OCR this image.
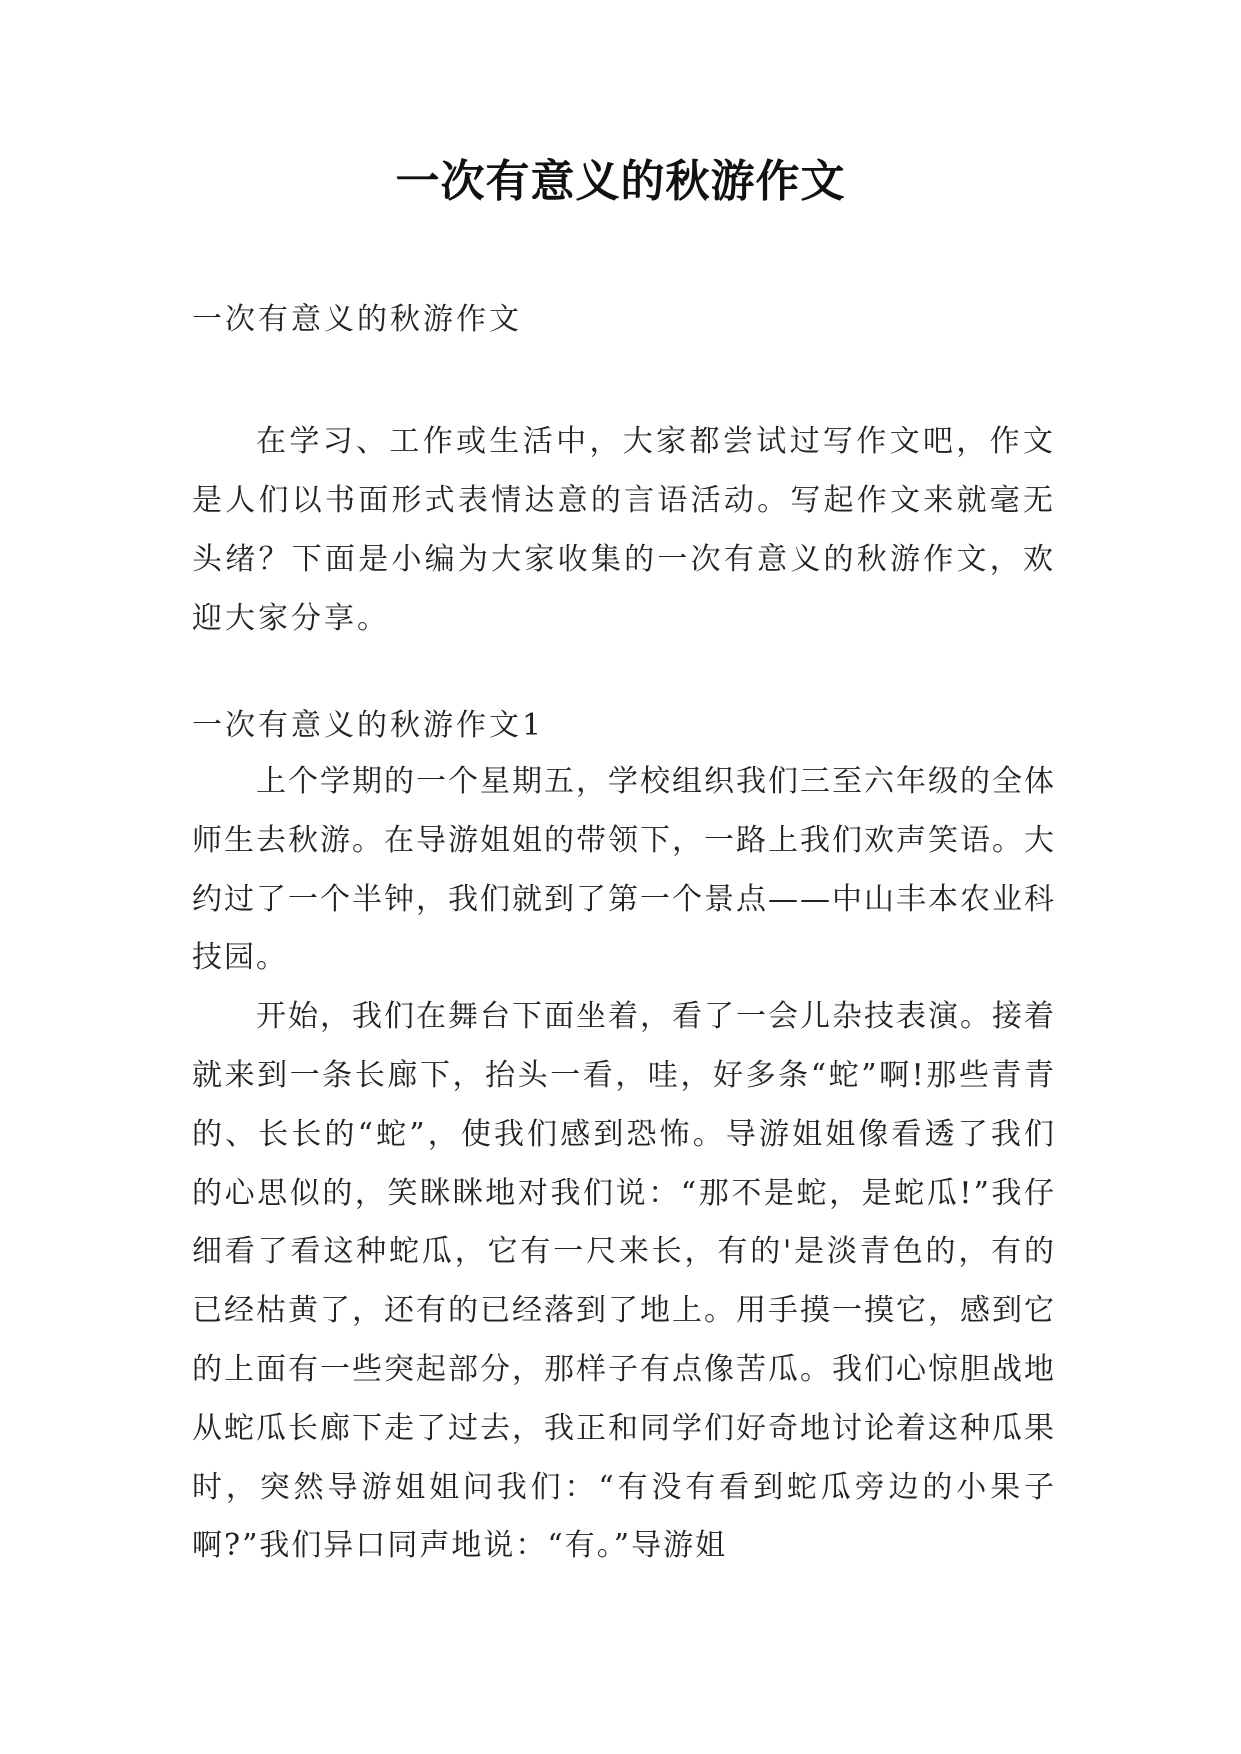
一次有意义的秋游作文
一次有意义的秋游作文
在学习、工作或生活中，大家都尝试过写作文吧，作文是人们以书面形式表情达意的言语活动。写起作文来就毫无头绪？下面是小编为大家收集的一次有意义的秋游作文，欢迎大家分享。
一次有意义的秋游作文1

上个学期的一个星期五，学校组织我们三至六年级的全体师生去秋游。在导游姐姐的带领下，一路上我们欢声笑语。大约过了一个半钟，我们就到了第一个景点——中山丰本农业科技园。

开始，我们在舞台下面坐着，看了一会儿杂技表演。接着就来到一条长廊下，抬头一看，哇，好多条“蛇”啊!那些青青的、长长的“蛇”，使我们感到恐怖。导游姐姐像看透了我们的心思似的，笑眯眯地对我们说：“那不是蛇，是蛇瓜!”我仔细看了看这种蛇瓜，它有一尺来长，有的'是淡青色的，有的已经枯黄了，还有的已经落到了地上。用手摸一摸它，感到它的上面有一些突起部分，那样子有点像苦瓜。我们心惊胆战地从蛇瓜长廊下走了过去，我正和同学们好奇地讨论着这种瓜果时，突然导游姐姐问我们：“有没有看到蛇瓜旁边的小果子啊?”我们异口同声地说：“有。”导游姐
